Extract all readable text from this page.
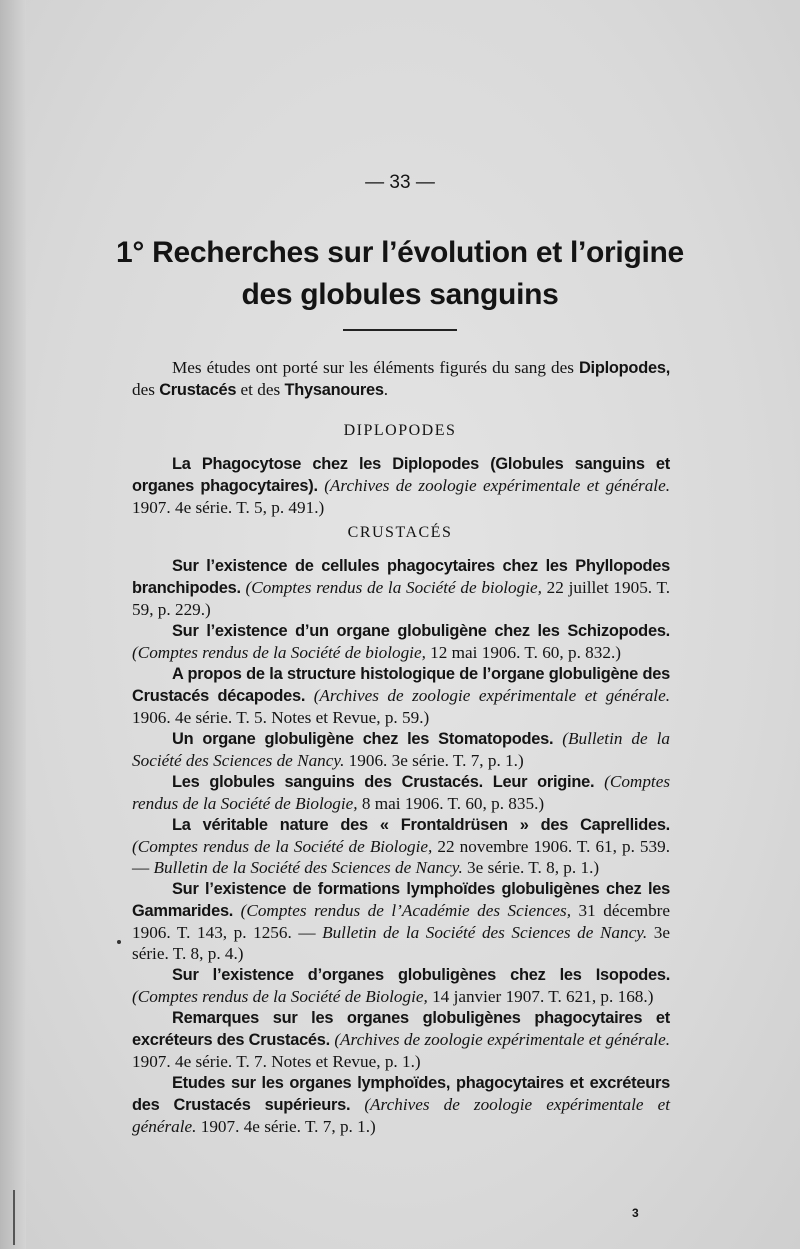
— 33 —
1° Recherches sur l’évolution et l’origine
des globules sanguins

Mes études ont porté sur les éléments figurés du sang des Diplopodes, des Crustacés et des Thysanoures.

DIPLOPODES

La Phagocytose chez les Diplopodes (Globules sanguins et organes phagocytaires). (Archives de zoologie expérimentale et générale. 1907. 4e série. T. 5, p. 491.)

CRUSTACÉS

Sur l’existence de cellules phagocytaires chez les Phyllopodes branchipodes. (Comptes rendus de la Société de biologie, 22 juillet 1905. T. 59, p. 229.)

Sur l’existence d’un organe globuligène chez les Schizopodes. (Comptes rendus de la Société de biologie, 12 mai 1906. T. 60, p. 832.)

A propos de la structure histologique de l’organe globuligène des Crustacés décapodes. (Archives de zoologie expérimentale et générale. 1906. 4e série. T. 5. Notes et Revue, p. 59.)

Un organe globuligène chez les Stomatopodes. (Bulletin de la Société des Sciences de Nancy. 1906. 3e série. T. 7, p. 1.)

Les globules sanguins des Crustacés. Leur origine. (Comptes rendus de la Société de Biologie, 8 mai 1906. T. 60, p. 835.)

La véritable nature des « Frontaldrüsen » des Caprellides. (Comptes rendus de la Société de Biologie, 22 novembre 1906. T. 61, p. 539. — Bulletin de la Société des Sciences de Nancy. 3e série. T. 8, p. 1.)

Sur l’existence de formations lymphoïdes globuligènes chez les Gammarides. (Comptes rendus de l’Académie des Sciences, 31 décembre 1906. T. 143, p. 1256. — Bulletin de la Société des Sciences de Nancy. 3e série. T. 8, p. 4.)

Sur l’existence d’organes globuligènes chez les Isopodes. (Comptes rendus de la Société de Biologie, 14 janvier 1907. T. 621, p. 168.)

Remarques sur les organes globuligènes phagocytaires et excréteurs des Crustacés. (Archives de zoologie expérimentale et générale. 1907. 4e série. T. 7. Notes et Revue, p. 1.)

Etudes sur les organes lymphoïdes, phagocytaires et excréteurs des Crustacés supérieurs. (Archives de zoologie expérimentale et générale. 1907. 4e série. T. 7, p. 1.)

3
